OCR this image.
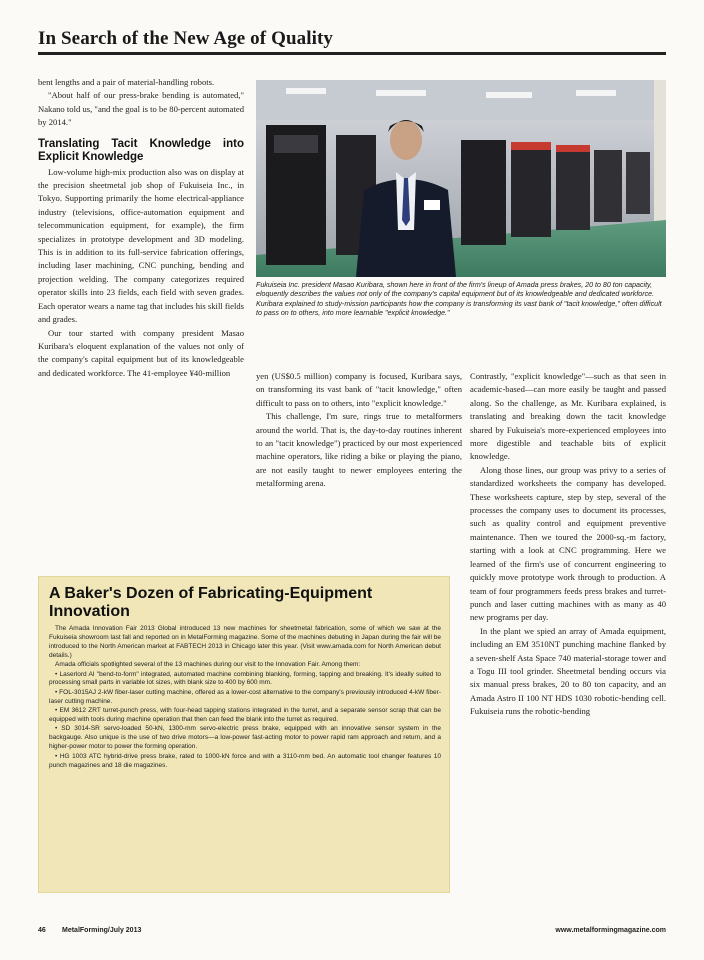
In Search of the New Age of Quality

bent lengths and a pair of material-handling robots.

"About half of our press-brake bending is automated," Nakano told us, "and the goal is to be 80-percent automated by 2014."

Translating Tacit Knowledge into Explicit Knowledge

Low-volume high-mix production also was on display at the precision sheetmetal job shop of Fukuiseia Inc., in Tokyo. Supporting primarily the home electrical-appliance industry (televisions, office-automation equipment and telecommunication equipment, for example), the firm specializes in prototype development and 3D modeling. This is in addition to its full-service fabrication offerings, including laser machining, CNC punching, bending and projection welding. The company categorizes required operator skills into 23 fields, each field with seven grades. Each operator wears a name tag that includes his skill fields and grades.

Our tour started with company president Masao Kuribara's eloquent explanation of the values not only of the company's capital equipment but of its knowledgeable and dedicated workforce. The 41-employee ¥40-million

Fukuiseia Inc. president Masao Kuribara, shown here in front of the firm's lineup of Amada press brakes, 20 to 80 ton capacity, eloquently describes the values not only of the company's capital equipment but of its knowledgeable and dedicated workforce. Kuribara explained to study-mission participants how the company is transforming its vast bank of "tacit knowledge," often difficult to pass on to others, into more learnable "explicit knowledge."

yen (US$0.5 million) company is focused, Kuribara says, on transforming its vast bank of "tacit knowledge," often difficult to pass on to others, into "explicit knowledge."

This challenge, I'm sure, rings true to metalformers around the world. That is, the day-to-day routines inherent to an "tacit knowledge") practiced by our most experienced machine operators, like riding a bike or playing the piano, are not easily taught to newer employees entering the metalforming arena.

Contrastly, "explicit knowledge"—such as that seen in academic-based—can more easily be taught and passed along. So the challenge, as Mr. Kuribara explained, is translating and breaking down the tacit knowledge shared by Fukuiseia's more-experienced employees into more digestible and teachable bits of explicit knowledge.

Along those lines, our group was privy to a series of standardized worksheets the company has developed. These worksheets capture, step by step, several of the processes the company uses to document its processes, such as quality control and equipment preventive maintenance. Then we toured the 2000-sq.-m factory, starting with a look at CNC programming. Here we learned of the firm's use of concurrent engineering to quickly move prototype work through to production. A team of four programmers feeds press brakes and turret-punch and laser cutting machines with as many as 40 new programs per day.

In the plant we spied an array of Amada equipment, including an EM 3510NT punching machine flanked by a seven-shelf Asta Space 740 material-storage tower and a Togu III tool grinder. Sheetmetal bending occurs via six manual press brakes, 20 to 80 ton capacity, and an Amada Astro II 100 NT HDS 1030 robotic-bending cell. Fukuiseia runs the robotic-bending

A Baker's Dozen of Fabricating-Equipment Innovation

The Amada Innovation Fair 2013 Global introduced 13 new machines for sheetmetal fabrication, some of which we saw at the Fukuiseia showroom last fall and reported on in MetalForming magazine. Some of the machines debuting in Japan during the fair will be introduced to the North American market at FABTECH 2013 in Chicago later this year. (Visit www.amada.com for North American debut details.)

Amada officials spotlighted several of the 13 machines during our visit to the Innovation Fair. Among them:

• Laserlord AI "bend-to-form" integrated, automated machine combining blanking, forming, tapping and breaking. It's ideally suited to processing small parts in variable lot sizes, with blank size to 400 by 600 mm.

• FOL-3015AJ 2-kW fiber-laser cutting machine, offered as a lower-cost alternative to the company's previously introduced 4-kW fiber-laser cutting machine.

• EM 3612 ZRT turret-punch press, with four-head tapping stations integrated in the turret, and a separate sensor scrap that can be equipped with tools during machine operation that then can feed the blank into the turret as required.

• SD 3014-SR servo-loaded 50-kN, 1300-mm servo-electric press brake, equipped with an innovative sensor system in the backgauge. Also unique is the use of two drive motors—a low-power fast-acting motor to power rapid ram approach and return, and a higher-power motor to power the forming operation.

• HG 1003 ATC hybrid-drive press brake, rated to 1000-kN force and with a 3110-mm bed. An automatic tool changer features 10 punch magazines and 18 die magazines.

46 MetalForming/July 2013	www.metalformingmagazine.com
